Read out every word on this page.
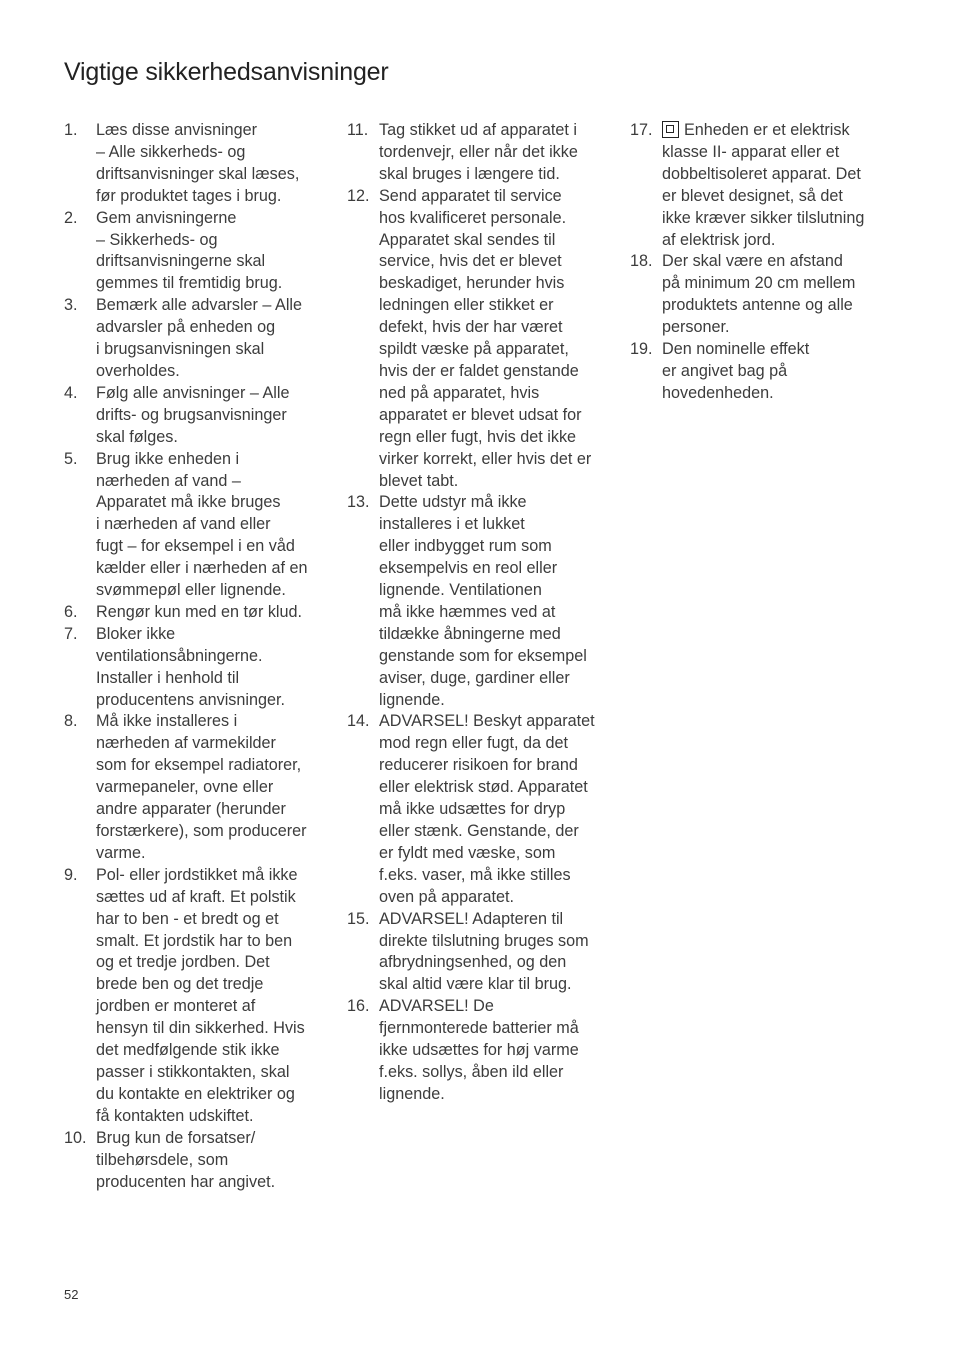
Vigtige sikkerhedsanvisninger
1.	Læs disse anvisninger
– Alle sikkerheds- og
driftsanvisninger skal læses,
før produktet tages i brug.
2.	Gem anvisningerne
– Sikkerheds- og
driftsanvisningerne skal
gemmes til fremtidig brug.
3.	Bemærk alle advarsler – Alle
advarsler på enheden og
i brugsanvisningen skal
overholdes.
4.	Følg alle anvisninger – Alle
drifts- og brugsanvisninger
skal følges.
5.	Brug ikke enheden i
nærheden af vand –
Apparatet må ikke bruges
i nærheden af vand eller
fugt – for eksempel i en våd
kælder eller i nærheden af en
svømmepøl eller lignende.
6.	Rengør kun med en tør klud.
7.	Bloker ikke
ventilationsåbningerne.
Installer i henhold til
producentens anvisninger.
8.	Må ikke installeres i
nærheden af varmekilder
som for eksempel radiatorer,
varmepaneler, ovne eller
andre apparater (herunder
forstærkere), som producerer
varme.
9.	Pol- eller jordstikket må ikke
sættes ud af kraft. Et polstik
har to ben - et bredt og et
smalt. Et jordstik har to ben
og et tredje jordben. Det
brede ben og det tredje
jordben er monteret af
hensyn til din sikkerhed. Hvis
det medfølgende stik ikke
passer i stikkontakten, skal
du kontakte en elektriker og
få kontakten udskiftet.
10. Brug kun de forsatser/
tilbehørsdele, som
producenten har angivet.
11. Tag stikket ud af apparatet i
tordenvejr, eller når det ikke
skal bruges i længere tid.
12. Send apparatet til service
hos kvalificeret personale.
Apparatet skal sendes til
service, hvis det er blevet
beskadiget, herunder hvis
ledningen eller stikket er
defekt, hvis der har været
spildt væske på apparatet,
hvis der er faldet genstande
ned på apparatet, hvis
apparatet er blevet udsat for
regn eller fugt, hvis det ikke
virker korrekt, eller hvis det er
blevet tabt.
13. Dette udstyr må ikke
installeres i et lukket
eller indbygget rum som
eksempelvis en reol eller
lignende. Ventilationen
må ikke hæmmes ved at
tildække åbningerne med
genstande som for eksempel
aviser, duge, gardiner eller
lignende.
14. ADVARSEL! Beskyt apparatet
mod regn eller fugt, da det
reducerer risikoen for brand
eller elektrisk stød. Apparatet
må ikke udsættes for dryp
eller stænk. Genstande, der
er fyldt med væske, som
f.eks. vaser, må ikke stilles
oven på apparatet.
15. ADVARSEL! Adapteren til
direkte tilslutning bruges som
afbrydningsenhed, og den
skal altid være klar til brug.
16. ADVARSEL! De
fjernmonterede batterier må
ikke udsættes for høj varme
f.eks. sollys, åben ild eller
lignende.
17.	Enheden er et elektrisk
klasse II- apparat eller et
dobbeltisoleret apparat. Det
er blevet designet, så det
ikke kræver sikker tilslutning
af elektrisk jord.
18. Der skal være en afstand
på minimum 20 cm mellem
produktets antenne og alle
personer.
19. Den nominelle effekt
er angivet bag på
hovedenheden.
52
